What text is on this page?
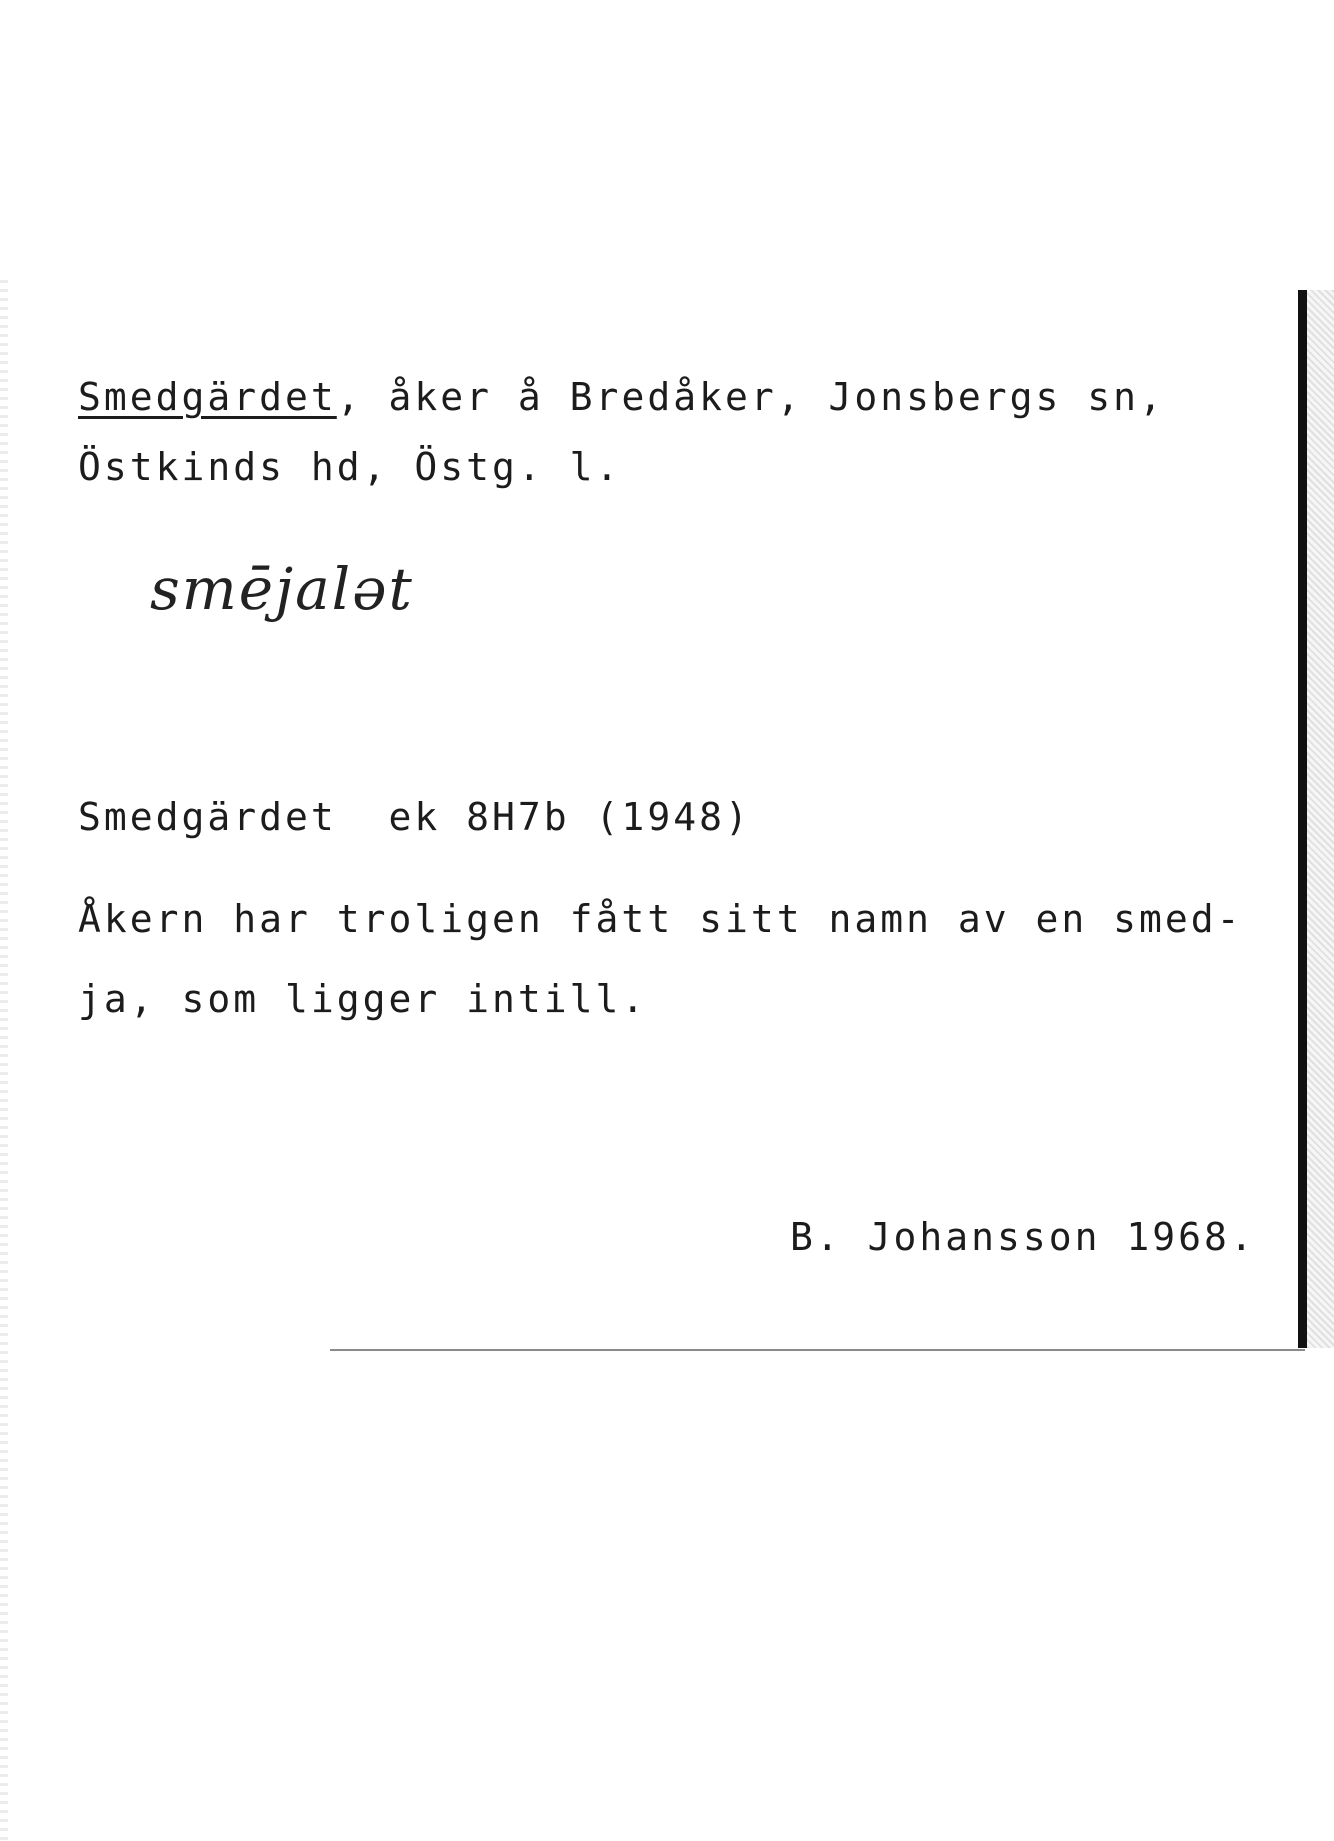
Smedgärdet, åker å Bredåker, Jonsbergs sn,
Östkinds hd, Östg. l.
smējalət
Smedgärdet  ek 8H7b (1948)
Åkern har troligen fått sitt namn av en smed-
ja, som ligger intill.
B. Johansson 1968.
